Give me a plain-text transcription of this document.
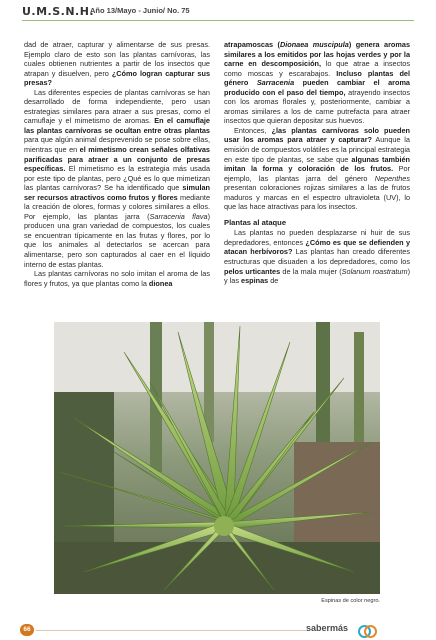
U.M.S.N.H.
Año 13/Mayo - Junio/ No. 75

dad de atraer, capturar y alimentarse de sus presas. Ejemplo claro de esto son las plantas carnívoras, las cuales obtienen nutrientes a partir de los insectos que atrapan y disuelven, pero ¿Cómo logran capturar sus presas?

Las diferentes especies de plantas carnívoras se han desarrollado de forma independiente, pero usan estrategias similares para atraer a sus presas, como el camuflaje y el mimetismo de aromas. En el camuflaje las plantas carnívoras se ocultan entre otras plantas para que algún animal desprevenido se pose sobre ellas, mientras que en el mimetismo crean señales olfativas parificadas para atraer a un conjunto de presas específicas. El mimetismo es la estrategia más usada por este tipo de plantas, pero ¿Qué es lo que mimetizan las plantas carnívoras? Se ha identificado que simulan ser recursos atractivos como frutos y flores mediante la creación de olores, formas y colores similares a ellos. Por ejemplo, las plantas jarra (Sarracenia flava) producen una gran variedad de compuestos, los cuales se encuentran típicamente en las frutas y flores, por lo que los animales al detectarlos se acercan para alimentarse, pero son capturados al caer en el líquido interno de estas plantas.

Las plantas carnívoras no solo imitan el aroma de las flores y frutos, ya que plantas como la dionea

atrapamoscas (Dionaea muscipula) genera aromas similares a los emitidos por las hojas verdes y por la carne en descomposición, lo que atrae a insectos como moscas y escarabajos. Incluso plantas del género Sarracenia pueden cambiar el aroma producido con el paso del tiempo, atrayendo insectos con los aromas florales y, posteriormente, cambiar a aromas similares a los de carne putrefacta para atraer insectos que quieran depositar sus huevos.

Entonces, ¿las plantas carnívoras solo pueden usar los aromas para atraer y capturar? Aunque la emisión de compuestos volátiles es la principal estrategia en este tipo de plantas, se sabe que algunas también imitan la forma y coloración de los frutos. Por ejemplo, las plantas jarra del género Nepenthes presentan coloraciones rojizas similares a las de frutos maduros y marcas en el espectro ultravioleta (UV), lo que las hace atractivas para los insectos.

Plantas al ataque

Las plantas no pueden desplazarse ni huir de sus depredadores, entonces ¿Cómo es que se defienden y atacan herbívoros? Las plantas han creado diferentes estructuras que disuaden a los depredadores, como los pelos urticantes de la mala mujer (Solanum roastratum) y las espinas de

Espinas de color negro.
66	sabermás
